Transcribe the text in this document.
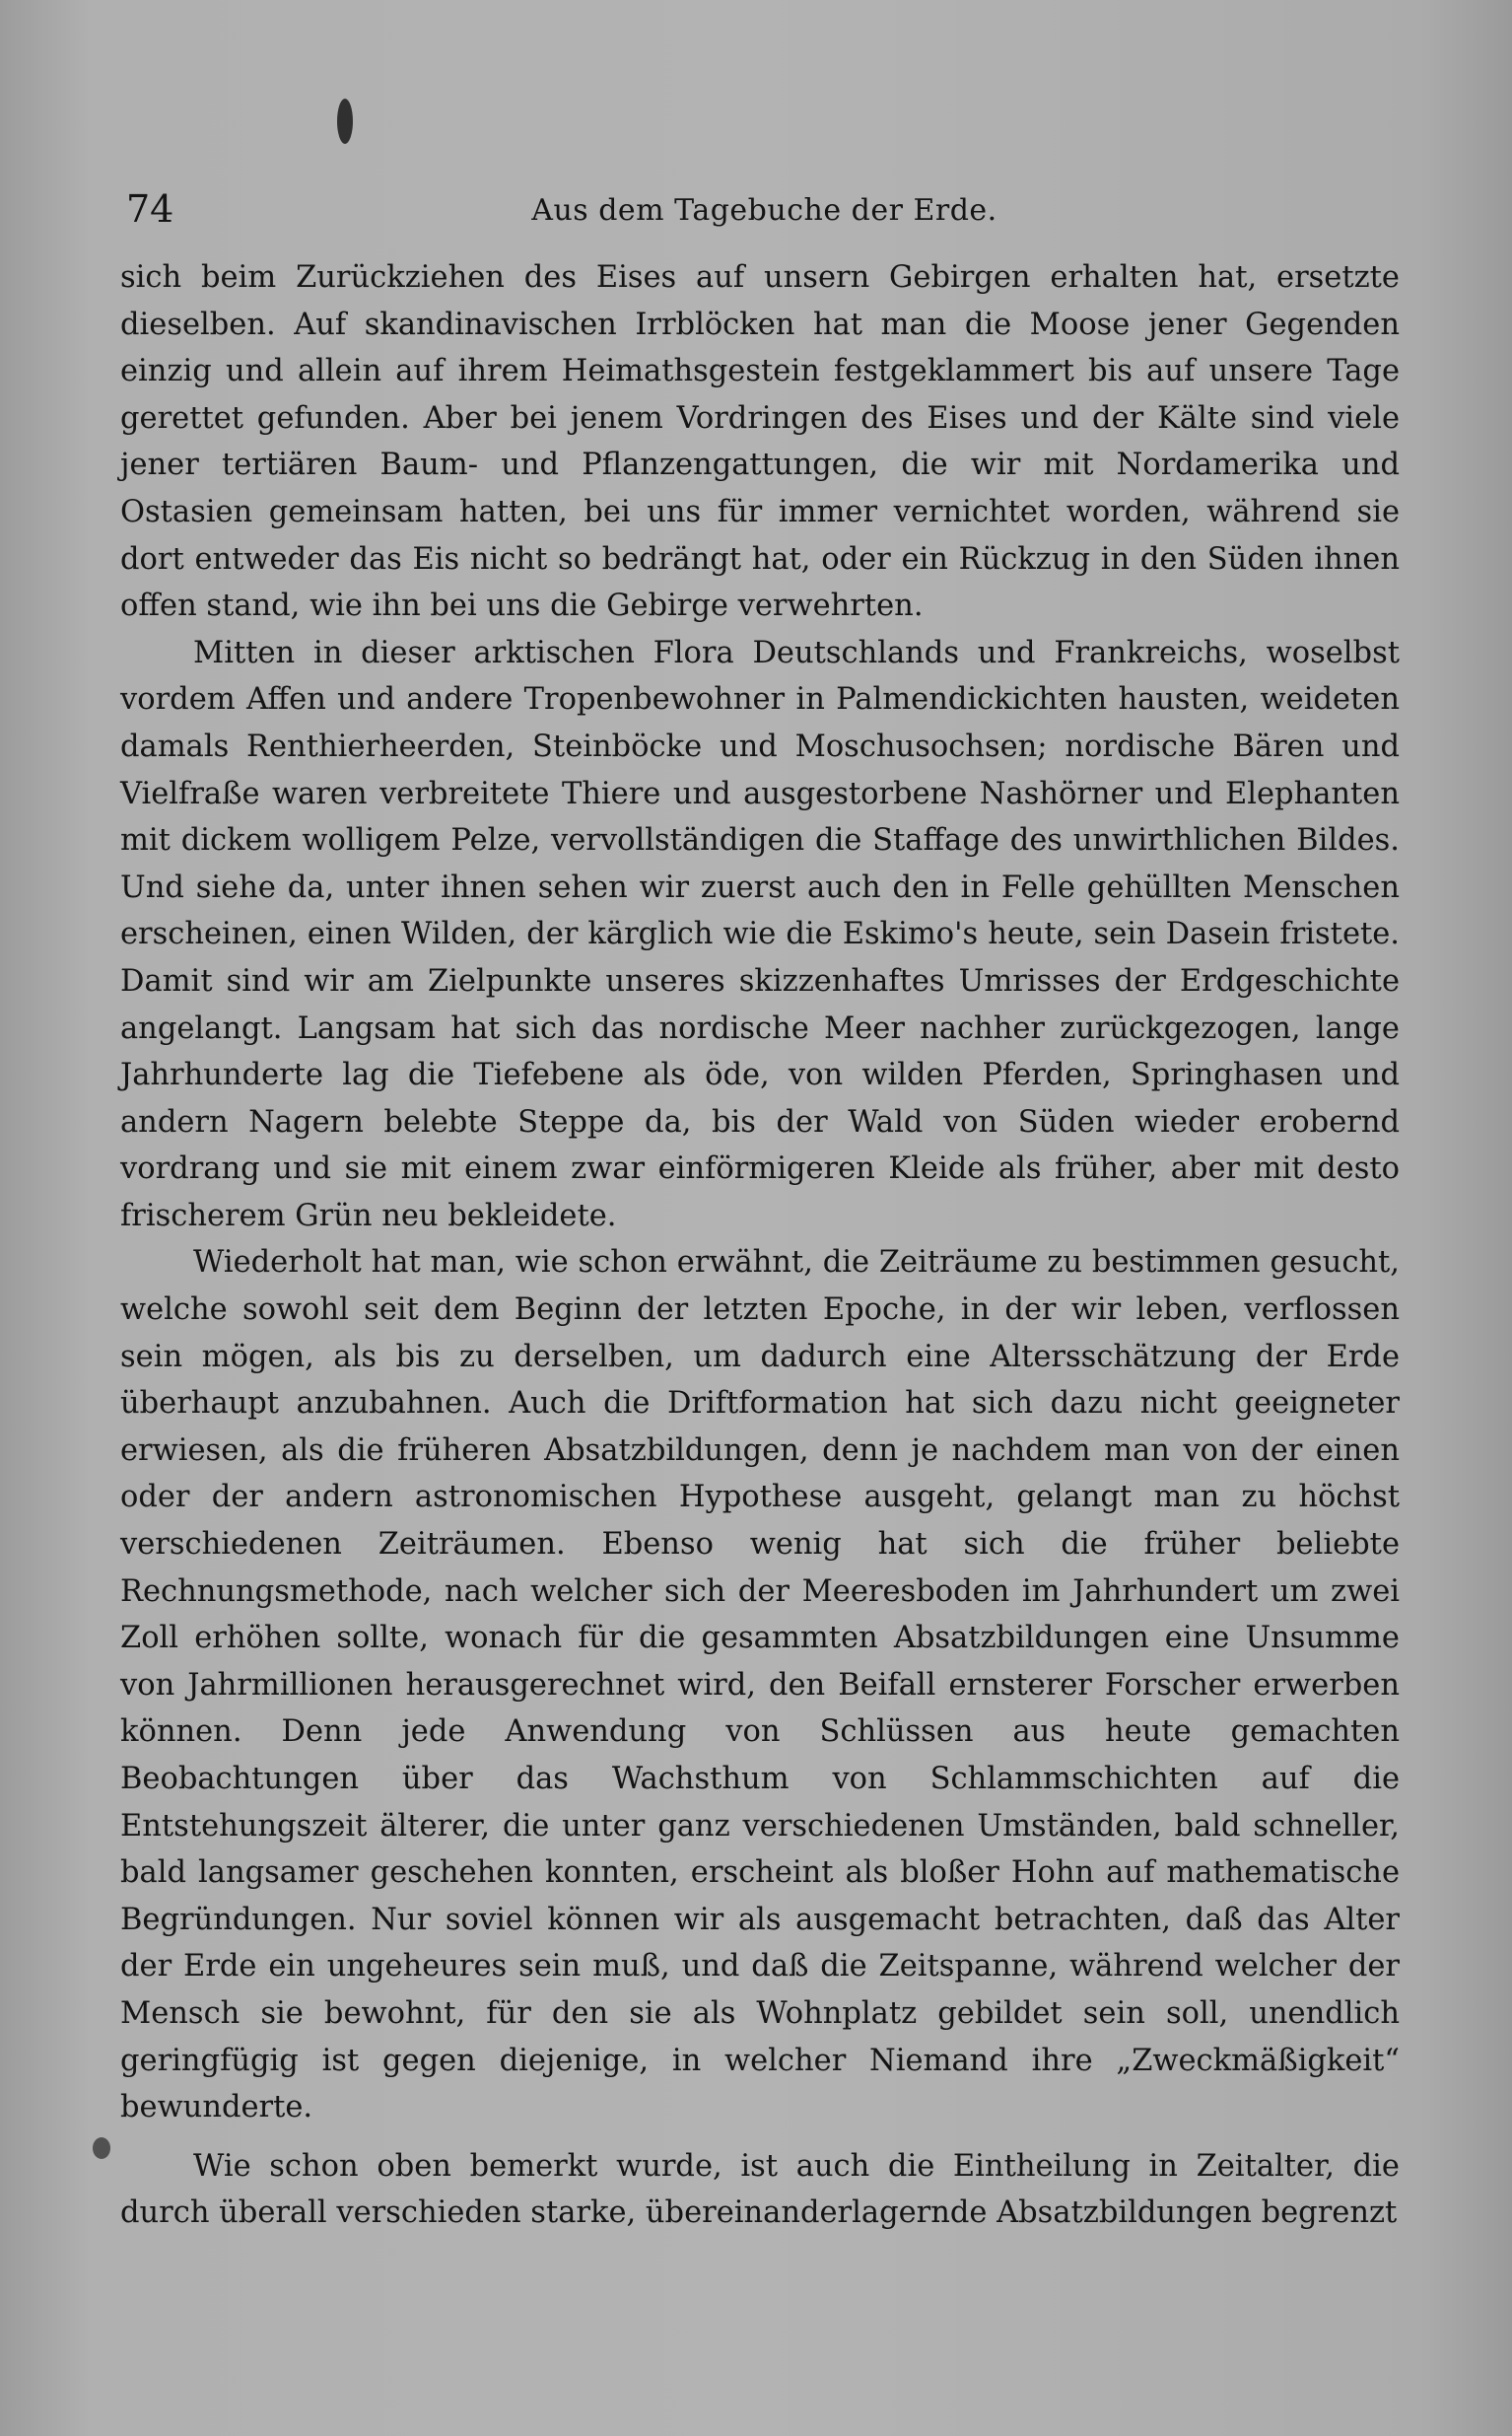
74	Aus dem Tagebuche der Erde.

sich beim Zurückziehen des Eises auf unsern Gebirgen erhalten hat, ersetzte dieselben. Auf skandinavischen Irrblöcken hat man die Moose jener Gegenden einzig und allein auf ihrem Heimathsgestein festgeklammert bis auf unsere Tage gerettet gefunden. Aber bei jenem Vordringen des Eises und der Kälte sind viele jener tertiären Baum- und Pflanzengattungen, die wir mit Nordamerika und Ostasien gemeinsam hatten, bei uns für immer vernichtet worden, während sie dort entweder das Eis nicht so bedrängt hat, oder ein Rückzug in den Süden ihnen offen stand, wie ihn bei uns die Gebirge verwehrten.

Mitten in dieser arktischen Flora Deutschlands und Frankreichs, woselbst vordem Affen und andere Tropenbewohner in Palmendickichten hausten, weideten damals Renthierheerden, Steinböcke und Moschusochsen; nordische Bären und Vielfraße waren verbreitete Thiere und ausgestorbene Nashörner und Elephanten mit dickem wolligem Pelze, vervollständigen die Staffage des unwirthlichen Bildes. Und siehe da, unter ihnen sehen wir zuerst auch den in Felle gehüllten Menschen erscheinen, einen Wilden, der kärglich wie die Eskimo's heute, sein Dasein fristete. Damit sind wir am Zielpunkte unseres skizzenhaftes Umrisses der Erdgeschichte angelangt. Langsam hat sich das nordische Meer nachher zurückgezogen, lange Jahrhunderte lag die Tiefebene als öde, von wilden Pferden, Springhasen und andern Nagern belebte Steppe da, bis der Wald von Süden wieder erobernd vordrang und sie mit einem zwar einförmigeren Kleide als früher, aber mit desto frischerem Grün neu bekleidete.

Wiederholt hat man, wie schon erwähnt, die Zeiträume zu bestimmen gesucht, welche sowohl seit dem Beginn der letzten Epoche, in der wir leben, verflossen sein mögen, als bis zu derselben, um dadurch eine Altersschätzung der Erde überhaupt anzubahnen. Auch die Driftformation hat sich dazu nicht geeigneter erwiesen, als die früheren Absatzbildungen, denn je nachdem man von der einen oder der andern astronomischen Hypothese ausgeht, gelangt man zu höchst verschiedenen Zeiträumen. Ebenso wenig hat sich die früher beliebte Rechnungsmethode, nach welcher sich der Meeresboden im Jahrhundert um zwei Zoll erhöhen sollte, wonach für die gesammten Absatzbildungen eine Unsumme von Jahrmillionen herausgerechnet wird, den Beifall ernsterer Forscher erwerben können. Denn jede Anwendung von Schlüssen aus heute gemachten Beobachtungen über das Wachsthum von Schlammschichten auf die Entstehungszeit älterer, die unter ganz verschiedenen Umständen, bald schneller, bald langsamer geschehen konnten, erscheint als bloßer Hohn auf mathematische Begründungen. Nur soviel können wir als ausgemacht betrachten, daß das Alter der Erde ein ungeheures sein muß, und daß die Zeitspanne, während welcher der Mensch sie bewohnt, für den sie als Wohnplatz gebildet sein soll, unendlich geringfügig ist gegen diejenige, in welcher Niemand ihre „Zweckmäßigkeit“ bewunderte.

Wie schon oben bemerkt wurde, ist auch die Eintheilung in Zeitalter, die durch überall verschieden starke, übereinanderlagernde Absatzbildungen begrenzt
